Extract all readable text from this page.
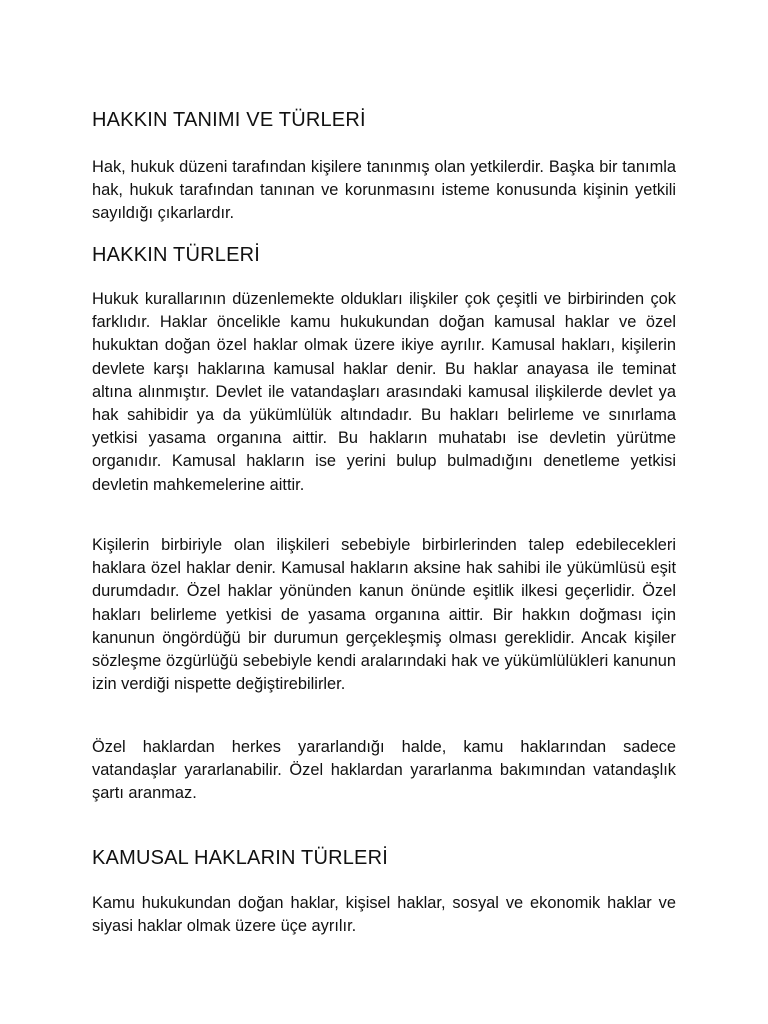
HAKKIN TANIMI VE TÜRLERİ

Hak, hukuk düzeni tarafından kişilere tanınmış olan yetkilerdir. Başka bir tanımla hak, hukuk tarafından tanınan ve korunmasını isteme konusunda kişinin yetkili sayıldığı çıkarlardır.

HAKKIN TÜRLERİ

Hukuk kurallarının düzenlemekte oldukları ilişkiler çok çeşitli ve birbirinden çok farklıdır. Haklar öncelikle kamu hukukundan doğan kamusal haklar ve özel hukuktan doğan özel haklar olmak üzere ikiye ayrılır. Kamusal hakları, kişilerin devlete karşı haklarına kamusal haklar denir. Bu haklar anayasa ile teminat altına alınmıştır. Devlet ile vatandaşları arasındaki kamusal ilişkilerde devlet ya hak sahibidir ya da yükümlülük altındadır. Bu hakları belirleme ve sınırlama yetkisi yasama organına aittir. Bu hakların muhatabı ise devletin yürütme organıdır. Kamusal hakların ise yerini bulup bulmadığını denetleme yetkisi devletin mahkemelerine aittir.

Kişilerin birbiriyle olan ilişkileri sebebiyle birbirlerinden talep edebilecekleri haklara özel haklar denir. Kamusal hakların aksine hak sahibi ile yükümlüsü eşit durumdadır. Özel haklar yönünden kanun önünde eşitlik ilkesi geçerlidir. Özel hakları belirleme yetkisi de yasama organına aittir. Bir hakkın doğması için kanunun öngördüğü bir durumun gerçekleşmiş olması gereklidir. Ancak kişiler sözleşme özgürlüğü sebebiyle kendi aralarındaki hak ve yükümlülükleri kanunun izin verdiği nispette değiştirebilirler.

Özel haklardan herkes yararlandığı halde, kamu haklarından sadece vatandaşlar yararlanabilir. Özel haklardan yararlanma bakımından vatandaşlık şartı aranmaz.

KAMUSAL HAKLARIN TÜRLERİ

Kamu hukukundan doğan haklar, kişisel haklar, sosyal ve ekonomik haklar ve siyasi haklar olmak üzere üçe ayrılır.
